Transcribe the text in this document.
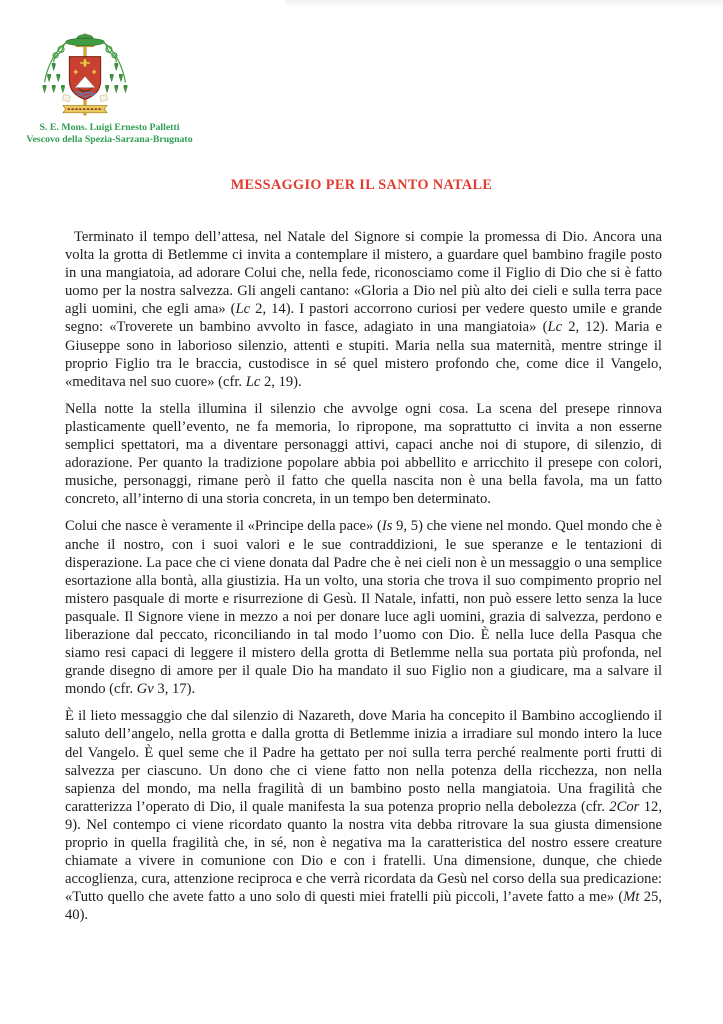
S. E. Mons. Luigi Ernesto Palletti
Vescovo della Spezia-Sarzana-Brugnato
MESSAGGIO PER IL SANTO NATALE

Terminato il tempo dell’attesa, nel Natale del Signore si compie la promessa di Dio. Ancora una volta la grotta di Betlemme ci invita a contemplare il mistero, a guardare quel bambino fragile posto in una mangiatoia, ad adorare Colui che, nella fede, riconosciamo come il Figlio di Dio che si è fatto uomo per la nostra salvezza. Gli angeli cantano: «Gloria a Dio nel più alto dei cieli e sulla terra pace agli uomini, che egli ama» (Lc 2, 14). I pastori accorrono curiosi per vedere questo umile e grande segno: «Troverete un bambino avvolto in fasce, adagiato in una mangiatoia» (Lc 2, 12). Maria e Giuseppe sono in laborioso silenzio, attenti e stupiti. Maria nella sua maternità, mentre stringe il proprio Figlio tra le braccia, custodisce in sé quel mistero profondo che, come dice il Vangelo, «meditava nel suo cuore» (cfr. Lc 2, 19).

Nella notte la stella illumina il silenzio che avvolge ogni cosa. La scena del presepe rinnova plasticamente quell’evento, ne fa memoria, lo ripropone, ma soprattutto ci invita a non esserne semplici spettatori, ma a diventare personaggi attivi, capaci anche noi di stupore, di silenzio, di adorazione. Per quanto la tradizione popolare abbia poi abbellito e arricchito il presepe con colori, musiche, personaggi, rimane però il fatto che quella nascita non è una bella favola, ma un fatto concreto, all’interno di una storia concreta, in un tempo ben determinato.

Colui che nasce è veramente il «Principe della pace» (Is 9, 5) che viene nel mondo. Quel mondo che è anche il nostro, con i suoi valori e le sue contraddizioni, le sue speranze e le tentazioni di disperazione. La pace che ci viene donata dal Padre che è nei cieli non è un messaggio o una semplice esortazione alla bontà, alla giustizia. Ha un volto, una storia che trova il suo compimento proprio nel mistero pasquale di morte e risurrezione di Gesù. Il Natale, infatti, non può essere letto senza la luce pasquale. Il Signore viene in mezzo a noi per donare luce agli uomini, grazia di salvezza, perdono e liberazione dal peccato, riconciliando in tal modo l’uomo con Dio. È nella luce della Pasqua che siamo resi capaci di leggere il mistero della grotta di Betlemme nella sua portata più profonda, nel grande disegno di amore per il quale Dio ha mandato il suo Figlio non a giudicare, ma a salvare il mondo (cfr. Gv 3, 17).

È il lieto messaggio che dal silenzio di Nazareth, dove Maria ha concepito il Bambino accogliendo il saluto dell’angelo, nella grotta e dalla grotta di Betlemme inizia a irradiare sul mondo intero la luce del Vangelo. È quel seme che il Padre ha gettato per noi sulla terra perché realmente porti frutti di salvezza per ciascuno. Un dono che ci viene fatto non nella potenza della ricchezza, non nella sapienza del mondo, ma nella fragilità di un bambino posto nella mangiatoia. Una fragilità che caratterizza l’operato di Dio, il quale manifesta la sua potenza proprio nella debolezza (cfr. 2Cor 12, 9). Nel contempo ci viene ricordato quanto la nostra vita debba ritrovare la sua giusta dimensione proprio in quella fragilità che, in sé, non è negativa ma la caratteristica del nostro essere creature chiamate a vivere in comunione con Dio e con i fratelli. Una dimensione, dunque, che chiede accoglienza, cura, attenzione reciproca e che verrà ricordata da Gesù nel corso della sua predicazione: «Tutto quello che avete fatto a uno solo di questi miei fratelli più piccoli, l’avete fatto a me» (Mt 25, 40).
